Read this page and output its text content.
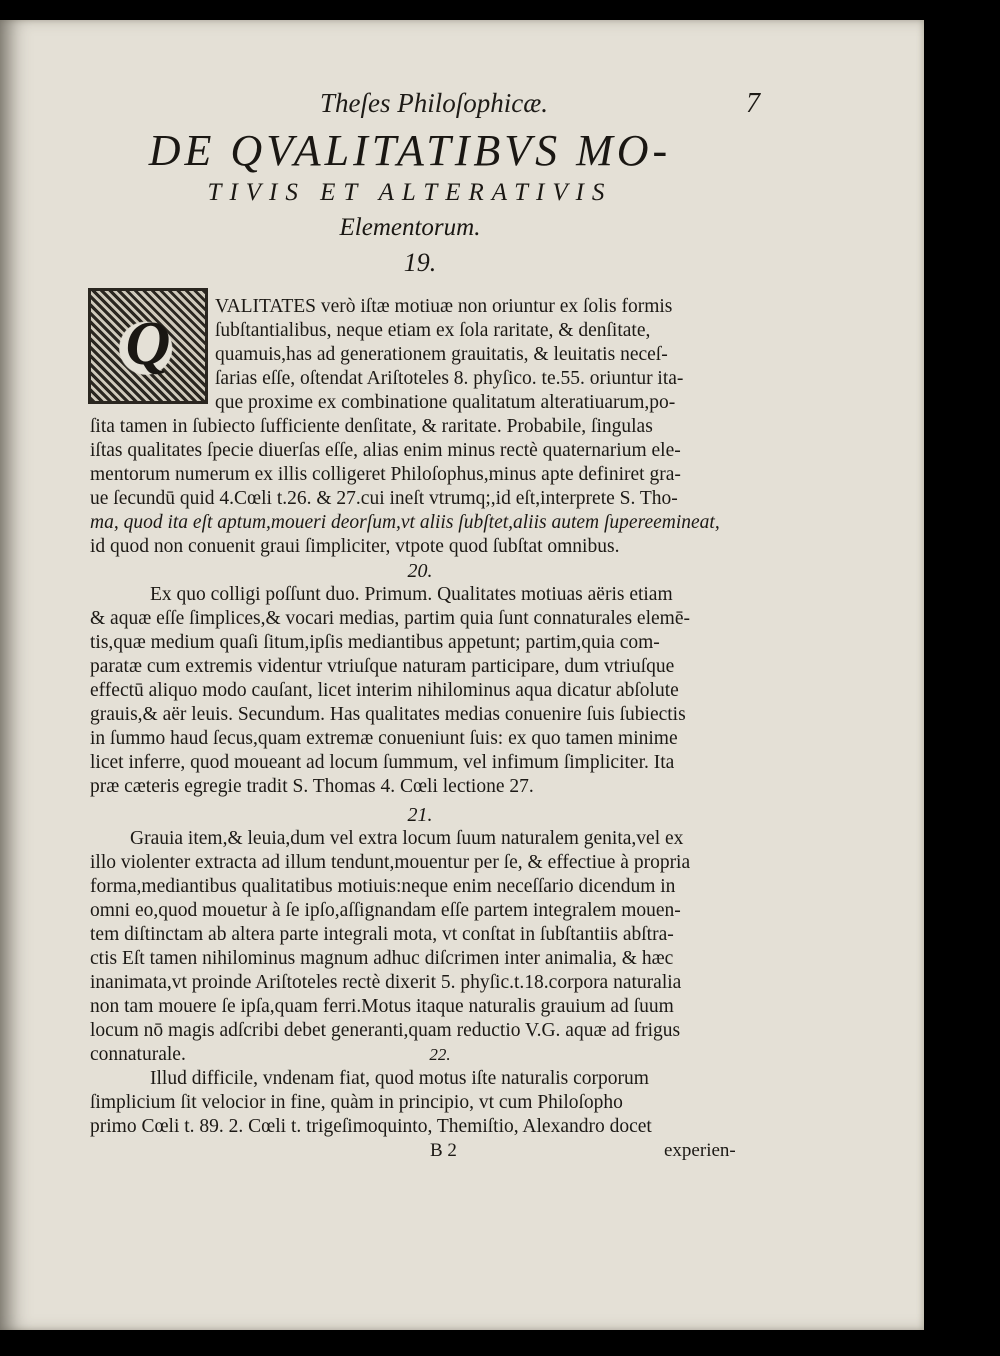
Theſes Philoſophicæ.	7
DE QVALITATIBVS MO-
TIVIS ET ALTERATIVIS
Elementorum.
19.
Q
VALITATES verò iſtæ motiuæ non oriuntur ex ſolis formis
ſubſtantialibus, neque etiam ex ſola raritate, & denſitate,
quamuis,has ad generationem grauitatis, & leuitatis neceſ-
ſarias eſſe, oſtendat Ariſtoteles 8. phyſico. te.55. oriuntur ita-
que proxime ex combinatione qualitatum alteratiuarum,po-
ſita tamen in ſubiecto ſufficiente denſitate, & raritate. Probabile, ſingulas
iſtas qualitates ſpecie diuerſas eſſe, alias enim minus rectè quaternarium ele-
mentorum numerum ex illis colligeret Philoſophus,minus apte definiret gra-
ue ſecundū quid 4.Cœli t.26. & 27.cui ineſt vtrumq;,id eſt,interprete S. Tho-
ma, quod ita eſt aptum,moueri deorſum,vt aliis ſubſtet,aliis autem ſupereemineat,
id quod non conuenit graui ſimpliciter, vtpote quod ſubſtat omnibus.
20.
Ex quo colligi poſſunt duo. Primum. Qualitates motiuas aëris etiam
& aquæ eſſe ſimplices,& vocari medias, partim quia ſunt connaturales elemē-
tis,quæ medium quaſi ſitum,ipſis mediantibus appetunt; partim,quia com-
paratæ cum extremis videntur vtriuſque naturam participare, dum vtriuſque
effectū aliquo modo cauſant, licet interim nihilominus aqua dicatur abſolute
grauis,& aër leuis. Secundum. Has qualitates medias conuenire ſuis ſubiectis
in ſummo haud ſecus,quam extremæ conueniunt ſuis: ex quo tamen minime
licet inferre, quod moueant ad locum ſummum, vel infimum ſimpliciter. Ita
præ cæteris egregie tradit S. Thomas 4. Cœli lectione 27.
21.
Grauia item,& leuia,dum vel extra locum ſuum naturalem genita,vel ex
illo violenter extracta ad illum tendunt,mouentur per ſe, & effectiue à propria
forma,mediantibus qualitatibus motiuis:neque enim neceſſario dicendum in
omni eo,quod mouetur à ſe ipſo,aſſignandam eſſe partem integralem mouen-
tem diſtinctam ab altera parte integrali mota, vt conſtat in ſubſtantiis abſtra-
ctis Eſt tamen nihilominus magnum adhuc diſcrimen inter animalia, & hæc
inanimata,vt proinde Ariſtoteles rectè dixerit 5. phyſic.t.18.corpora naturalia
non tam mouere ſe ipſa,quam ferri.Motus itaque naturalis grauium ad ſuum
locum nō magis adſcribi debet generanti,quam reductio V.G. aquæ ad frigus
connaturale.	22.
Illud difficile, vndenam fiat, quod motus iſte naturalis corporum
ſimplicium ſit velocior in fine, quàm in principio, vt cum Philoſopho
primo Cœli t. 89. 2. Cœli t. trigeſimoquinto, Themiſtio, Alexandro docet
B 2	experien-
